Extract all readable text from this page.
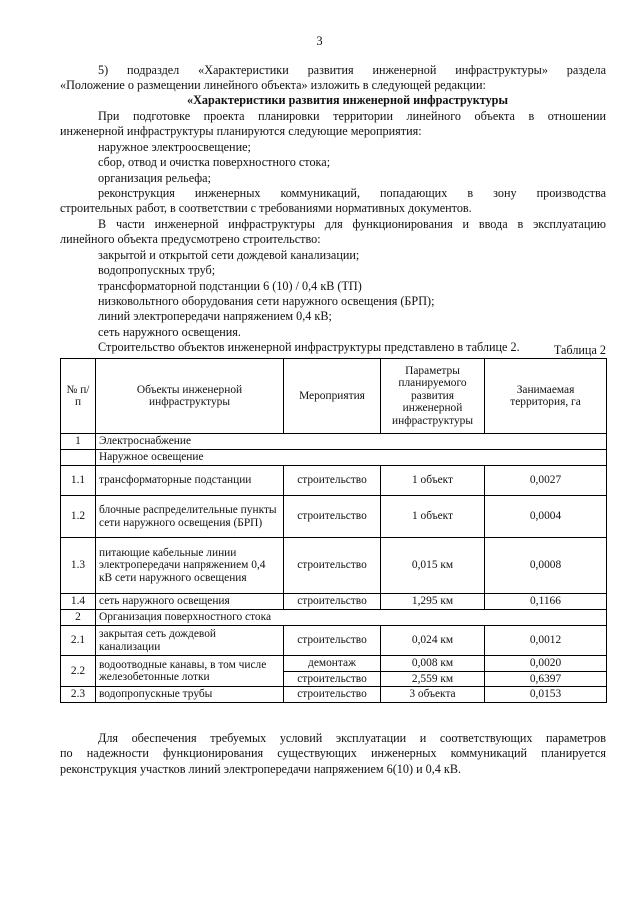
3
5) подраздел «Характеристики развития инженерной инфраструктуры» раздела
«Положение о размещении линейного объекта» изложить в следующей редакции:
«Характеристики развития инженерной инфраструктуры
При подготовке проекта планировки территории линейного объекта в отношении
инженерной инфраструктуры планируются следующие мероприятия:
наружное электроосвещение;
сбор, отвод и очистка поверхностного стока;
организация рельефа;
реконструкция инженерных коммуникаций, попадающих в зону производства
строительных работ, в соответствии с требованиями нормативных документов.
В части инженерной инфраструктуры для функционирования и ввода в эксплуатацию
линейного объекта предусмотрено строительство:
закрытой и открытой сети дождевой канализации;
водопропускных труб;
трансформаторной подстанции 6 (10) / 0,4 кВ (ТП)
низковольтного оборудования сети наружного освещения (БРП);
линий электропередачи напряжением 0,4 кВ;
сеть наружного освещения.
Строительство объектов инженерной инфраструктуры представлено в таблице 2.	Таблица 2
№ п/п	Объекты инженерной инфраструктуры	Мероприятия	Параметры планируемого развития инженерной инфраструктуры	Занимаемая территория, га
1	Электроснабжение			
	Наружное освещение			
1.1	трансформаторные подстанции	строительство	1 объект	0,0027
1.2	блочные распределительные пункты сети наружного освещения (БРП)	строительство	1 объект	0,0004
1.3	питающие кабельные линии электропередачи напряжением 0,4 кВ сети наружного освещения	строительство	0,015 км	0,0008
1.4	сеть наружного освещения	строительство	1,295 км	0,1166
2	Организация поверхностного стока			
2.1	закрытая сеть дождевой канализации	строительство	0,024 км	0,0012
2.2	водоотводные канавы, в том числе железобетонные лотки	демонтаж	0,008 км	0,0020
		строительство	2,559 км	0,6397
2.3	водопропускные трубы	строительство	3 объекта	0,0153
Для обеспечения требуемых условий эксплуатации и соответствующих параметров
по надежности функционирования существующих инженерных коммуникаций планируется
реконструкция участков линий электропередачи напряжением 6(10) и 0,4 кВ.
